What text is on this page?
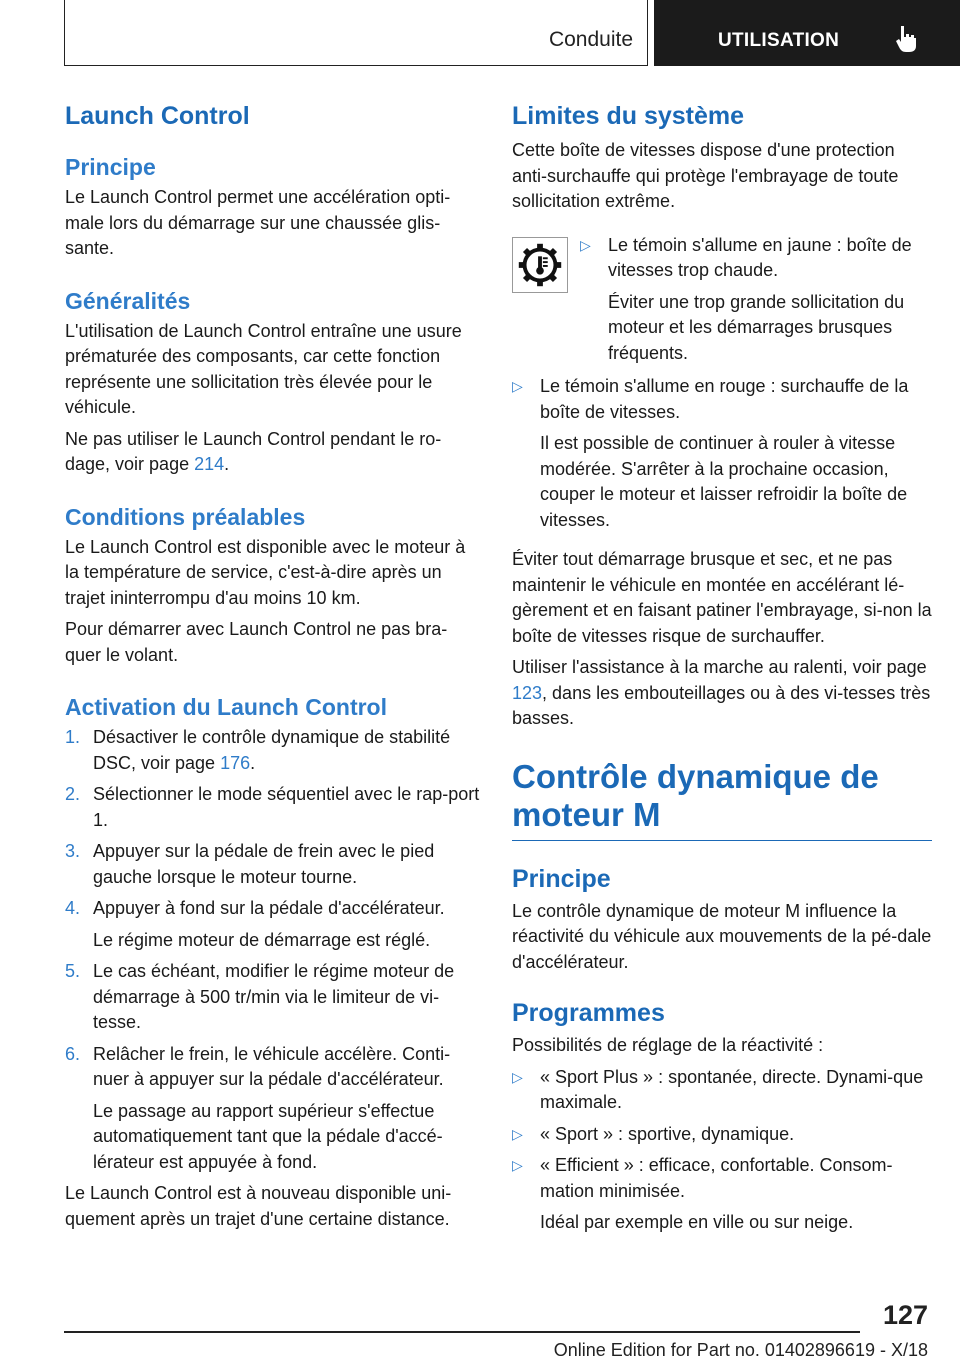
Conduite	UTILISATION
Launch Control
Principe
Le Launch Control permet une accélération opti-male lors du démarrage sur une chaussée glis-sante.
Généralités
L'utilisation de Launch Control entraîne une usure prématurée des composants, car cette fonction représente une sollicitation très élevée pour le véhicule.
Ne pas utiliser le Launch Control pendant le ro-dage, voir page 214.
Conditions préalables
Le Launch Control est disponible avec le moteur à la température de service, c'est-à-dire après un trajet ininterrompu d'au moins 10 km.
Pour démarrer avec Launch Control ne pas bra-quer le volant.
Activation du Launch Control
1. Désactiver le contrôle dynamique de stabilité DSC, voir page 176.
2. Sélectionner le mode séquentiel avec le rap-port 1.
3. Appuyer sur la pédale de frein avec le pied gauche lorsque le moteur tourne.
4. Appuyer à fond sur la pédale d'accélérateur.
Le régime moteur de démarrage est réglé.
5. Le cas échéant, modifier le régime moteur de démarrage à 500 tr/min via le limiteur de vi-tesse.
6. Relâcher le frein, le véhicule accélère. Conti-nuer à appuyer sur la pédale d'accélérateur.
Le passage au rapport supérieur s'effectue automatiquement tant que la pédale d'accé-lérateur est appuyée à fond.
Le Launch Control est à nouveau disponible uni-quement après un trajet d'une certaine distance.
Limites du système
Cette boîte de vitesses dispose d'une protection anti-surchauffe qui protège l'embrayage de toute sollicitation extrême.
▷ Le témoin s'allume en jaune : boîte de vitesses trop chaude.
Éviter une trop grande sollicitation du moteur et les démarrages brusques fréquents.
▷ Le témoin s'allume en rouge : surchauffe de la boîte de vitesses.
Il est possible de continuer à rouler à vitesse modérée. S'arrêter à la prochaine occasion, couper le moteur et laisser refroidir la boîte de vitesses.
Éviter tout démarrage brusque et sec, et ne pas maintenir le véhicule en montée en accélérant lé-gèrement et en faisant patiner l'embrayage, si-non la boîte de vitesses risque de surchauffer.
Utiliser l'assistance à la marche au ralenti, voir page 123, dans les embouteillages ou à des vi-tesses très basses.
Contrôle dynamique de moteur M
Principe
Le contrôle dynamique de moteur M influence la réactivité du véhicule aux mouvements de la pé-dale d'accélérateur.
Programmes
Possibilités de réglage de la réactivité :
▷ « Sport Plus » : spontanée, directe. Dynami-que maximale.
▷ « Sport » : sportive, dynamique.
▷ « Efficient » : efficace, confortable. Consom-mation minimisée.
Idéal par exemple en ville ou sur neige.
127
Online Edition for Part no. 01402896619 - X/18
